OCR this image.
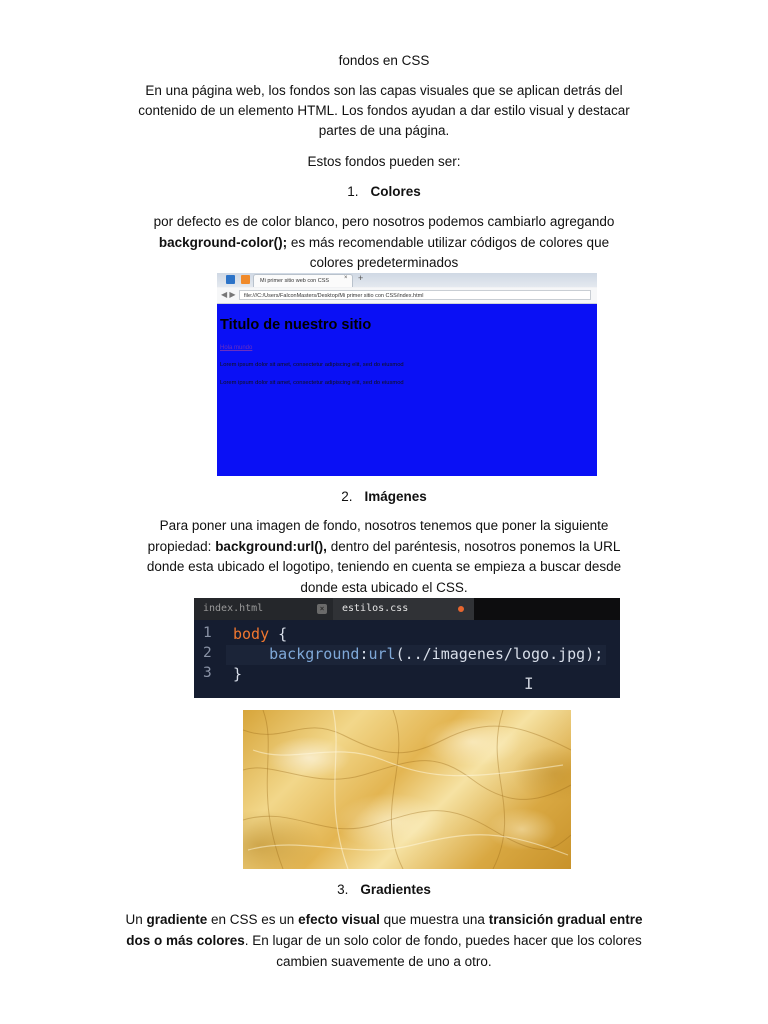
fondos en CSS
En una página web, los fondos son las capas visuales que se aplican detrás del
contenido de un elemento HTML. Los fondos ayudan a dar estilo visual y destacar
partes de una página.
Estos fondos pueden ser:
1. Colores
por defecto es de color blanco, pero nosotros podemos cambiarlo agregando
background-color(); es más recomendable utilizar códigos de colores que
colores predeterminados
Mi primer sitio web con CSS	× +
◀ ▶	file:///C:/Users/FalconMasters/Desktop/Mi primer sitio con CSS/index.html
Titulo de nuestro sitio
Hola mundo
Lorem ipsum dolor sit amet, consectetur adipiscing elit, sed do eiusmod
Lorem ipsum dolor sit amet, consectetur adipiscing elit, sed do eiusmod
2. Imágenes
Para poner una imagen de fondo, nosotros tenemos que poner la siguiente
propiedad: background:url(), dentro del paréntesis, nosotros ponemos la URL
donde esta ubicado el logotipo, teniendo en cuenta se empieza a buscar desde
donde esta ubicado el CSS.
index.html	×	estilos.css
1
2
3
body {
background:url(../imagenes/logo.jpg);
}	I
3. Gradientes
Un gradiente en CSS es un efecto visual que muestra una transición gradual entre
dos o más colores. En lugar de un solo color de fondo, puedes hacer que los colores
cambien suavemente de uno a otro.
